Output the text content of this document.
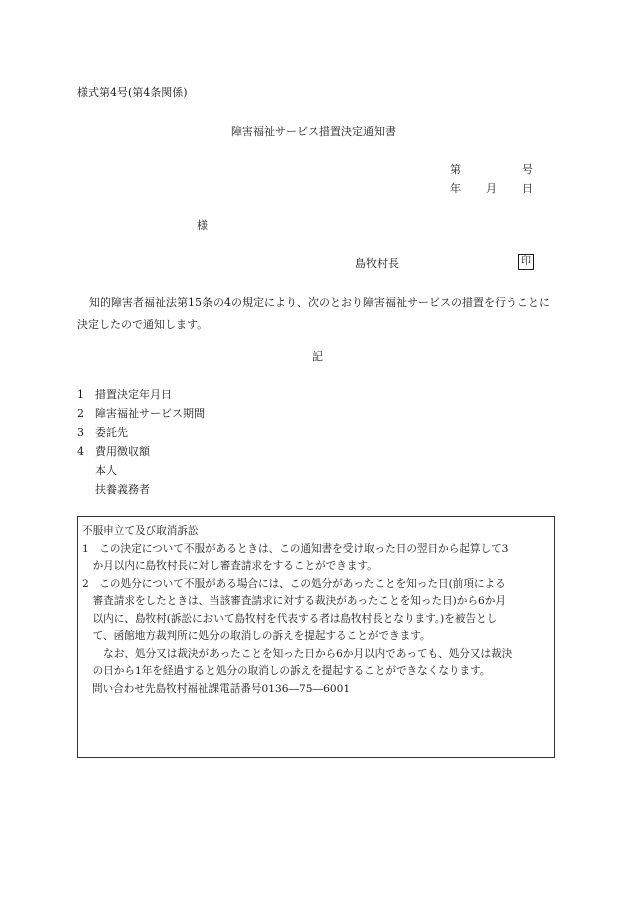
様式第4号(第4条関係)
障害福祉サービス措置決定通知書
第	号
年 月 日
様
島牧村長	印
知的障害者福祉法第15条の4の規定により、次のとおり障害福祉サービスの措置を行うことに決定したので通知します。
記
1 措置決定年月日
2 障害福祉サービス期間
3 委託先
4 費用徴収額
本人
扶養義務者
不服申立て及び取消訴訟
1　この決定について不服があるときは、この通知書を受け取った日の翌日から起算して3
　か月以内に島牧村長に対し審査請求をすることができます。
2　この処分について不服がある場合には、この処分があったことを知った日(前項による
　審査請求をしたときは、当該審査請求に対する裁決があったことを知った日)から6か月
　以内に、島牧村(訴訟において島牧村を代表する者は島牧村長となります。)を被告とし
　て、函館地方裁判所に処分の取消しの訴えを提起することができます。
　　なお、処分又は裁決があったことを知った日から6か月以内であっても、処分又は裁決
　の日から1年を経過すると処分の取消しの訴えを提起することができなくなります。
問い合わせ先島牧村福祉課電話番号0136―75―6001
